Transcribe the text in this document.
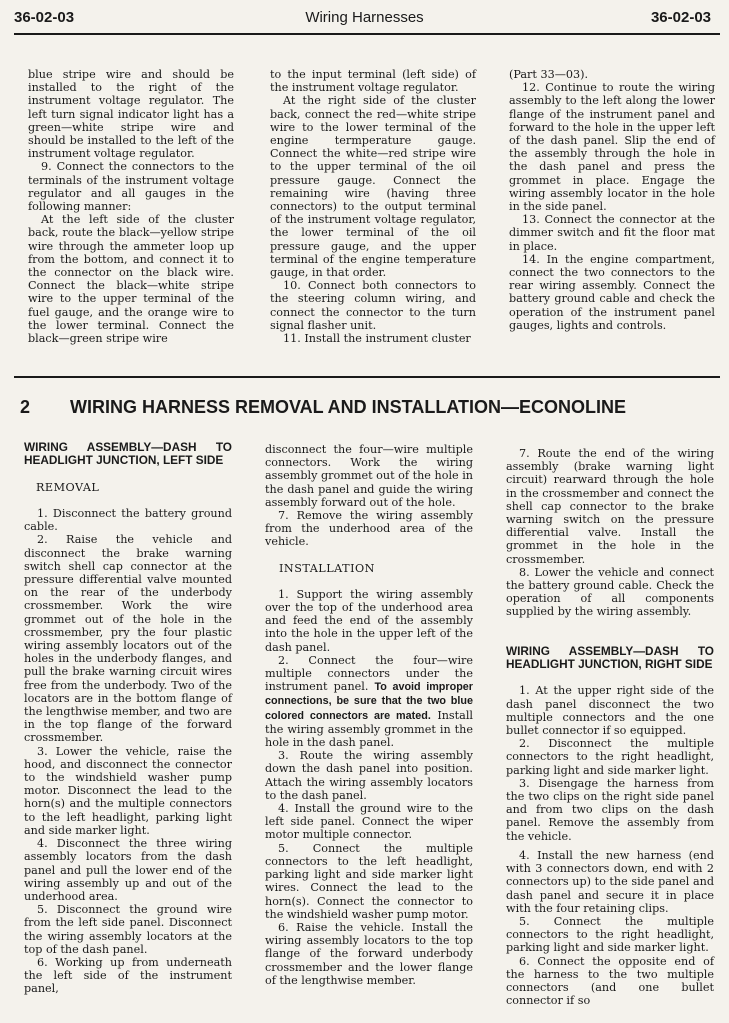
36-02-03	Wiring Harnesses	36-02-03

blue stripe wire and should be installed to the right of the instrument voltage regulator. The left turn signal indicator light has a green—white stripe wire and should be installed to the left of the instrument voltage regulator.

9. Connect the connectors to the terminals of the instrument voltage regulator and all gauges in the following manner:

At the left side of the cluster back, route the black—yellow stripe wire through the ammeter loop up from the bottom, and connect it to the connector on the black wire. Connect the black—white stripe wire to the upper terminal of the fuel gauge, and the orange wire to the lower terminal. Connect the black—green stripe wire

to the input terminal (left side) of the instrument voltage regulator.

At the right side of the cluster back, connect the red—white stripe wire to the lower terminal of the engine termperature gauge. Connect the white—red stripe wire to the upper terminal of the oil pressure gauge. Connect the remaining wire (having three connectors) to the output terminal of the instrument voltage regulator, the lower terminal of the oil pressure gauge, and the upper terminal of the engine temperature gauge, in that order.

10. Connect both connectors to the steering column wiring, and connect the connector to the turn signal flasher unit.

11. Install the instrument cluster

(Part 33—03).

12. Continue to route the wiring assembly to the left along the lower flange of the instrument panel and forward to the hole in the upper left of the dash panel. Slip the end of the assembly through the hole in the dash panel and press the grommet in place. Engage the wiring assembly locator in the hole in the side panel.

13. Connect the connector at the dimmer switch and fit the floor mat in place.

14. In the engine compartment, connect the two connectors to the rear wiring assembly. Connect the battery ground cable and check the operation of the instrument panel gauges, lights and controls.

2 WIRING HARNESS REMOVAL AND INSTALLATION—ECONOLINE

WIRING ASSEMBLY—DASH TO HEADLIGHT JUNCTION, LEFT SIDE

REMOVAL

1. Disconnect the battery ground cable.

2. Raise the vehicle and disconnect the brake warning switch shell cap connector at the pressure differential valve mounted on the rear of the underbody crossmember. Work the wire grommet out of the hole in the crossmember, pry the four plastic wiring assembly locators out of the holes in the underbody flanges, and pull the brake warning circuit wires free from the underbody. Two of the locators are in the bottom flange of the lengthwise member, and two are in the top flange of the forward crossmember.

3. Lower the vehicle, raise the hood, and disconnect the connector to the windshield washer pump motor. Disconnect the lead to the horn(s) and the multiple connectors to the left headlight, parking light and side marker light.

4. Disconnect the three wiring assembly locators from the dash panel and pull the lower end of the wiring assembly up and out of the underhood area.

5. Disconnect the ground wire from the left side panel. Disconnect the wiring assembly locators at the top of the dash panel.

6. Working up from underneath the left side of the instrument panel,

disconnect the four—wire multiple connectors. Work the wiring assembly grommet out of the hole in the dash panel and guide the wiring assembly forward out of the hole.

7. Remove the wiring assembly from the underhood area of the vehicle.

INSTALLATION

1. Support the wiring assembly over the top of the underhood area and feed the end of the assembly into the hole in the upper left of the dash panel.

2. Connect the four—wire multiple connectors under the instrument panel. To avoid improper connections, be sure that the two blue colored connectors are mated. Install the wiring assembly grommet in the hole in the dash panel.

3. Route the wiring assembly down the dash panel into position. Attach the wiring assembly locators to the dash panel.

4. Install the ground wire to the left side panel. Connect the wiper motor multiple connector.

5. Connect the multiple connectors to the left headlight, parking light and side marker light wires. Connect the lead to the horn(s). Connect the connector to the windshield washer pump motor.

6. Raise the vehicle. Install the wiring assembly locators to the top flange of the forward underbody crossmember and the lower flange of the lengthwise member.

7. Route the end of the wiring assembly (brake warning light circuit) rearward through the hole in the crossmember and connect the shell cap connector to the brake warning switch on the pressure differential valve. Install the grommet in the hole in the crossmember.

8. Lower the vehicle and connect the battery ground cable. Check the operation of all components supplied by the wiring assembly.

WIRING ASSEMBLY—DASH TO HEADLIGHT JUNCTION, RIGHT SIDE

1. At the upper right side of the dash panel disconnect the two multiple connectors and the one bullet connector if so equipped.

2. Disconnect the multiple connectors to the right headlight, parking light and side marker light.

3. Disengage the harness from the two clips on the right side panel and from two clips on the dash panel. Remove the assembly from the vehicle.

4. Install the new harness (end with 3 connectors down, end with 2 connectors up) to the side panel and dash panel and secure it in place with the four retaining clips.

5. Connect the multiple connectors to the right headlight, parking light and side marker light.

6. Connect the opposite end of the harness to the two multiple connectors (and one bullet connector if so
